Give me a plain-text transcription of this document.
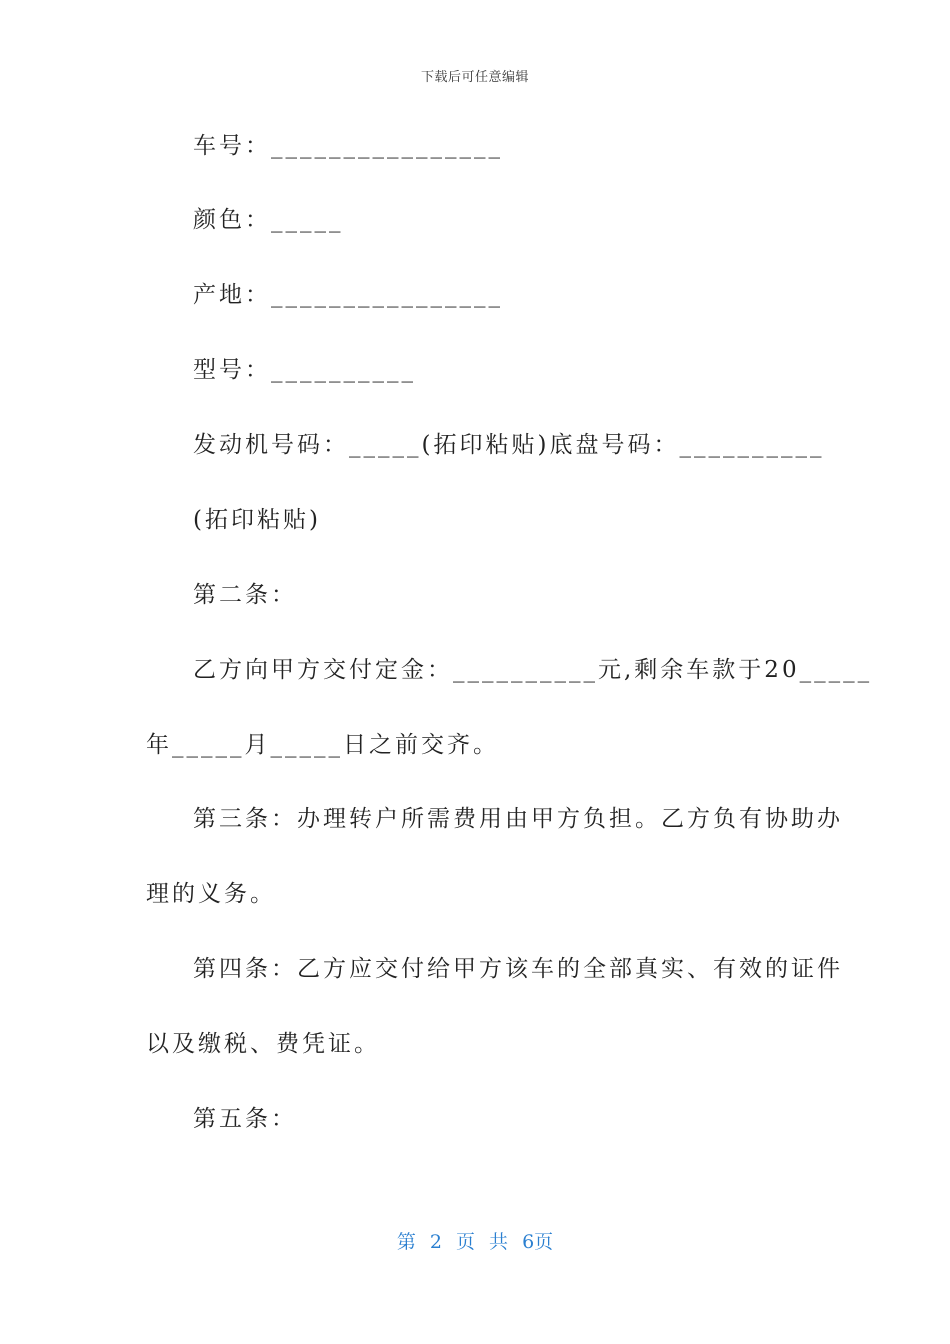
下载后可任意编辑
车号：________________
颜色：_____
产地：________________
型号：__________
发动机号码：_____(拓印粘贴)底盘号码：__________
(拓印粘贴)
第二条：
乙方向甲方交付定金：__________元,剩余车款于20_____
年_____月_____日之前交齐。
第三条：办理转户所需费用由甲方负担。乙方负有协助办
理的义务。
第四条：乙方应交付给甲方该车的全部真实、有效的证件
以及缴税、费凭证。
第五条：
第 2 页 共 6页
